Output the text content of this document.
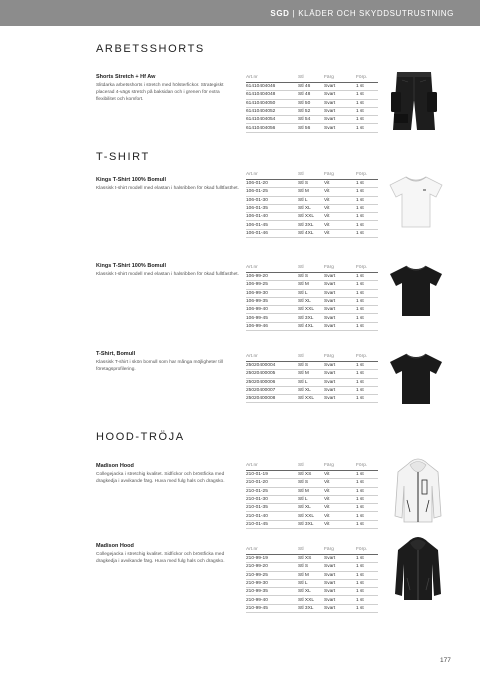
SGD | KLÄDER OCH SKYDDSUTRUSTNING
ARBETSSHORTS
T-SHIRT
HOOD-TRÖJA
Shorts Stretch + Hf Aw
Slitdarka arbetsshorts i stretch med hölsterfickor. Strategiskt placerad 4-vägs stretch på baksidan och i grenen för extra flexibilitet och komfort.
Art.nr	Stl	Färg	Förp.
61410404046	Stl 46	Svart	1 st
61410404048	Stl 48	Svart	1 st
61410404050	Stl 50	Svart	1 st
61410404052	Stl 52	Svart	1 st
61410404054	Stl 54	Svart	1 st
61410404056	Stl 56	Svart	1 st
Kings T-Shirt 100% Bomull
Klassisk t-shirt modell med elastan i halsribben för ökad fulltfasthet.
Art.nr	Stl	Färg	Förp.
106-01-20	Stl S	Vit	1 st
106-01-25	Stl M	Vit	1 st
106-01-30	Stl L	Vit	1 st
106-01-35	Stl XL	Vit	1 st
106-01-40	Stl XXL	Vit	1 st
106-01-45	Stl 3XL	Vit	1 st
106-01-46	Stl 4XL	Vit	1 st
Kings T-Shirt 100% Bomull
Klassisk t-shirt modell med elastan i halsribben för ökad fulltfasthet.
Art.nr	Stl	Färg	Förp.
106-99-20	Stl S	Svart	1 st
106-99-25	Stl M	Svart	1 st
106-99-30	Stl L	Svart	1 st
106-99-35	Stl XL	Svart	1 st
106-99-40	Stl XXL	Svart	1 st
106-99-45	Stl 3XL	Svart	1 st
106-99-46	Stl 4XL	Svart	1 st
T-Shirt, Bomull
Klassisk T-shirt i skön bomull som har många möjligheter till företagsprofilering.
Art.nr	Stl	Färg	Förp.
25020400004	Stl S	Svart	1 st
25020400005	Stl M	Svart	1 st
25020400006	Stl L	Svart	1 st
25020400007	Stl XL	Svart	1 st
25020400008	Stl XXL	Svart	1 st
Madison Hood
Collegejacka i stretchig kvalitet. Sidfickor och bröstficka med dragkedja i avvikande färg. Huva med fulg hals och dragsko.
Art.nr	Stl	Färg	Förp.
210-01-19	Stl XS	Vit	1 st
210-01-20	Stl S	Vit	1 st
210-01-25	Stl M	Vit	1 st
210-01-30	Stl L	Vit	1 st
210-01-35	Stl XL	Vit	1 st
210-01-40	Stl XXL	Vit	1 st
210-01-45	Stl 3XL	Vit	1 st
Madison Hood
Collegejacka i stretchig kvalitet. Sidfickor och bröstficka med dragkedja i avvikande färg. Huva med fulg hals och dragsko.
Art.nr	Stl	Färg	Förp.
210-99-19	Stl XS	Svart	1 st
210-99-20	Stl S	Svart	1 st
210-99-25	Stl M	Svart	1 st
210-99-30	Stl L	Svart	1 st
210-99-35	Stl XL	Svart	1 st
210-99-40	Stl XXL	Svart	1 st
210-99-45	Stl 3XL	Svart	1 st
177
